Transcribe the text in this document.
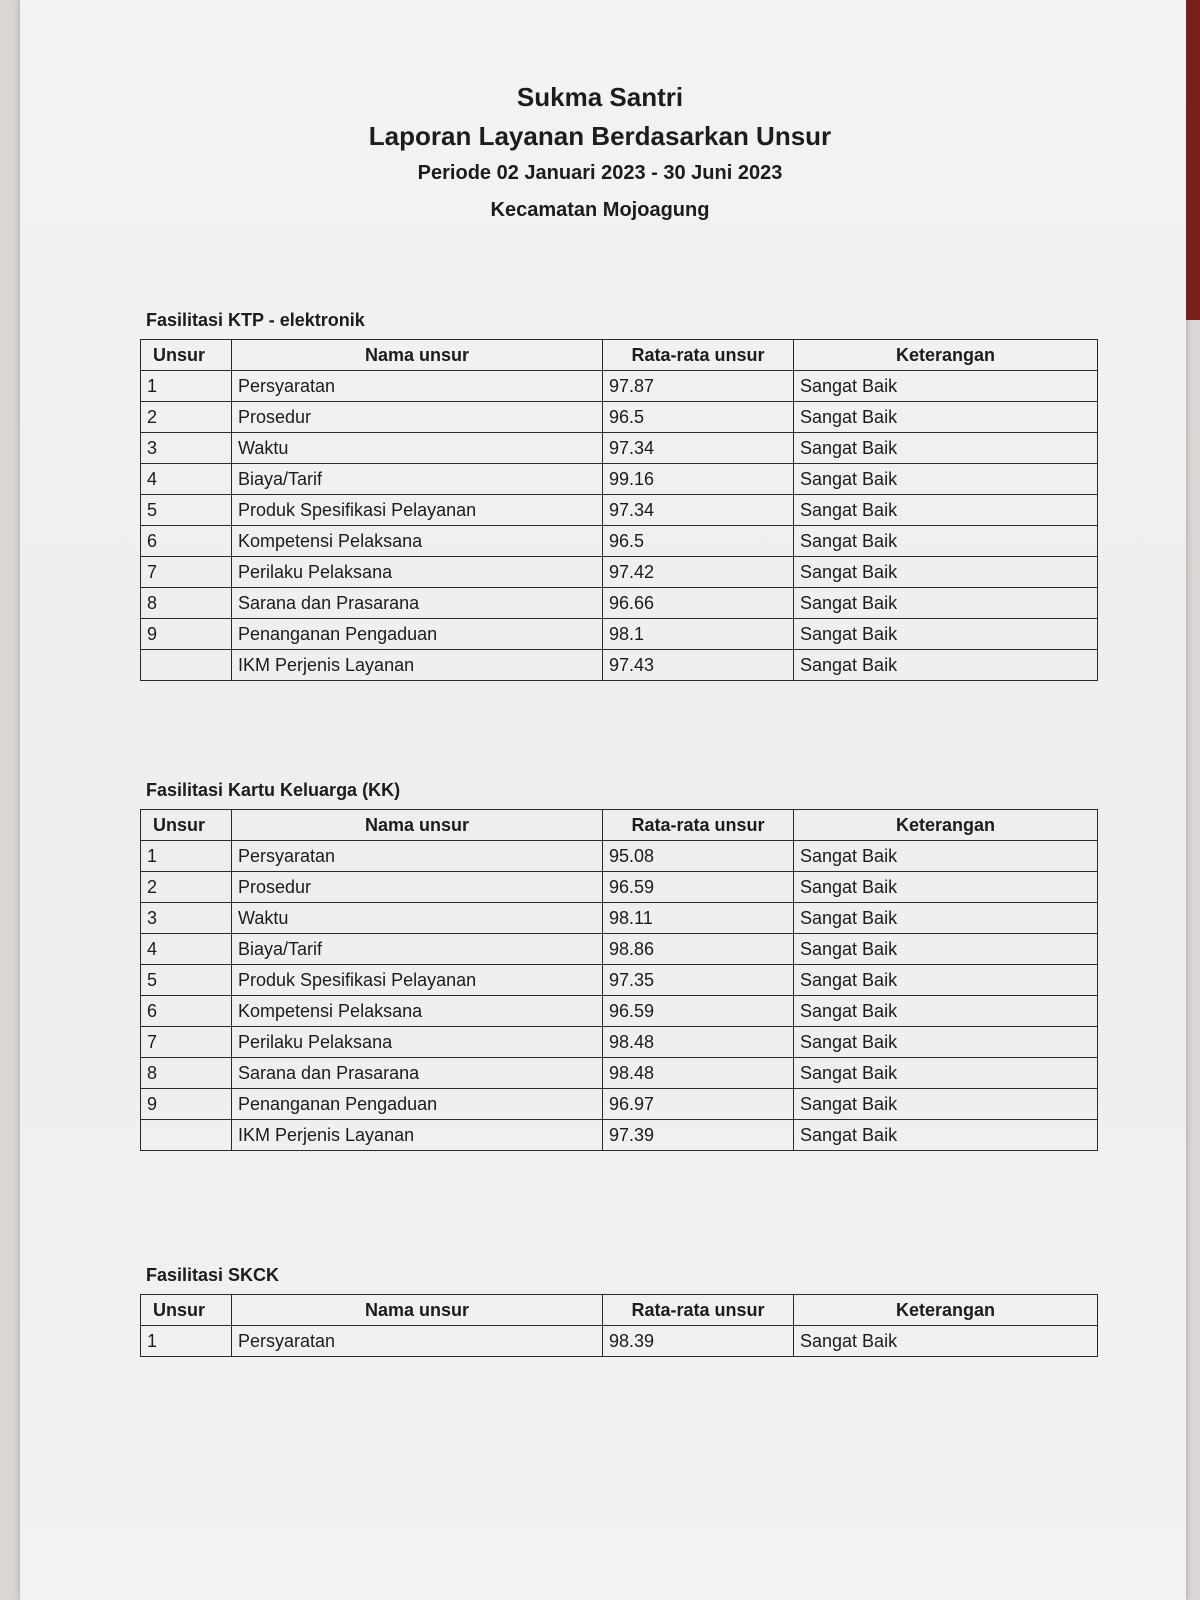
Sukma Santri
Laporan Layanan Berdasarkan Unsur
Periode 02 Januari 2023 - 30 Juni 2023
Kecamatan Mojoagung
Fasilitasi KTP - elektronik
Unsur	Nama unsur	Rata-rata unsur	Keterangan
1	Persyaratan	97.87	Sangat Baik
2	Prosedur	96.5	Sangat Baik
3	Waktu	97.34	Sangat Baik
4	Biaya/Tarif	99.16	Sangat Baik
5	Produk Spesifikasi Pelayanan	97.34	Sangat Baik
6	Kompetensi Pelaksana	96.5	Sangat Baik
7	Perilaku Pelaksana	97.42	Sangat Baik
8	Sarana dan Prasarana	96.66	Sangat Baik
9	Penanganan Pengaduan	98.1	Sangat Baik
	IKM Perjenis Layanan	97.43	Sangat Baik
Fasilitasi Kartu Keluarga (KK)
Unsur	Nama unsur	Rata-rata unsur	Keterangan
1	Persyaratan	95.08	Sangat Baik
2	Prosedur	96.59	Sangat Baik
3	Waktu	98.11	Sangat Baik
4	Biaya/Tarif	98.86	Sangat Baik
5	Produk Spesifikasi Pelayanan	97.35	Sangat Baik
6	Kompetensi Pelaksana	96.59	Sangat Baik
7	Perilaku Pelaksana	98.48	Sangat Baik
8	Sarana dan Prasarana	98.48	Sangat Baik
9	Penanganan Pengaduan	96.97	Sangat Baik
	IKM Perjenis Layanan	97.39	Sangat Baik
Fasilitasi SKCK
Unsur	Nama unsur	Rata-rata unsur	Keterangan
1	Persyaratan	98.39	Sangat Baik
